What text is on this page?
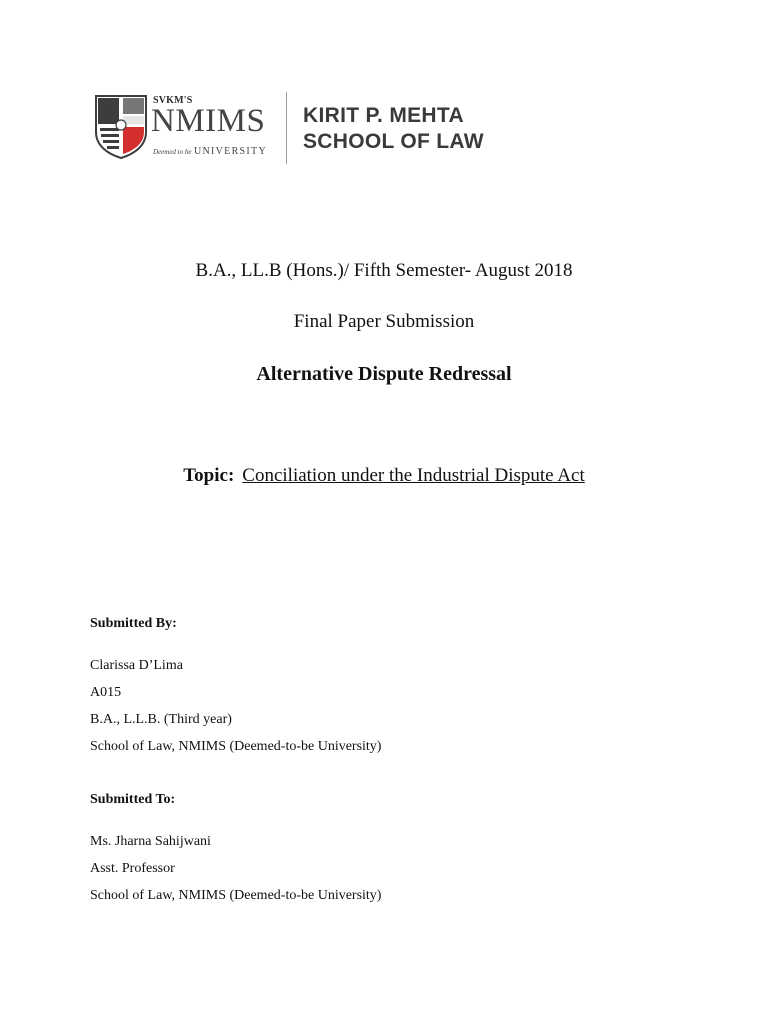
SVKM'S
NMIMS
Deemed to be UNIVERSITY
KIRIT P. MEHTA
SCHOOL OF LAW
B.A., LL.B (Hons.)/ Fifth Semester- August 2018
Final Paper Submission
Alternative Dispute Redressal
Topic: Conciliation under the Industrial Dispute Act
Submitted By:
Clarissa D’Lima
A015
B.A., L.L.B. (Third year)
School of Law, NMIMS (Deemed-to-be University)
Submitted To:
Ms. Jharna Sahijwani
Asst. Professor
School of Law, NMIMS (Deemed-to-be University)
